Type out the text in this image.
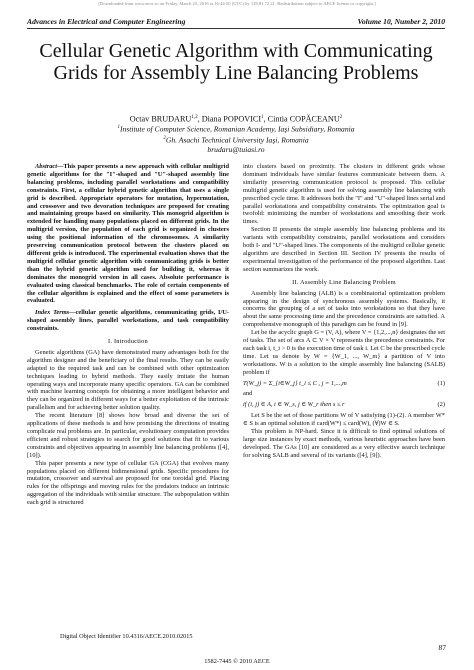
[Downloaded from www.aece.ro on Friday, March 25, 2016 at 16:44:50 (UTC) by 139.81.72.21. Redistribution subject to AECE license or copyright.]
Advances in Electrical and Computer Engineering	Volume 10, Number 2, 2010
Cellular Genetic Algorithm with Communicating Grids for Assembly Line Balancing Problems
Octav BRUDARU$^{1,2}$, Diana POPOVICI$^1$, Cintia COPĂCEANU$^2$
$^1$Institute of Computer Science, Romanian Academy, Iaşi Subsidiary, Romania
$^2$Gh. Asachi Technical University Iaşi, Romania
brudaru@tuiasi.ro

Abstract—This paper presents a new approach with cellular multigrid genetic algorithms for the "I"-shaped and "U"-shaped assembly line balancing problems, including parallel workstations and compatibility constraints. First, a cellular hybrid genetic algorithm that uses a single grid is described. Appropriate operators for mutation, hypermutation, and crossover and two devoration techniques are proposed for creating and maintaining groups based on similarity. This monogrid algorithm is extended for handling many populations placed on different grids. In the multigrid version, the population of each grid is organized in clusters using the positional information of the chromosomes. A similarity preserving communication protocol between the clusters placed on different grids is introduced. The experimental evaluation shows that the multigrid cellular genetic algorithm with communicating grids is better than the hybrid genetic algorithm used for building it, whereas it dominates the monogrid version in all cases. Absolute performance is evaluated using classical benchmarks. The role of certain components of the cellular algorithm is explained and the effect of some parameters is evaluated.

Index Terms—cellular genetic algorithms, communicating grids, I/U-shaped assembly lines, parallel workstations, and task compatibility constraints.

I. Introduction

Genetic algorithms (GA) have demonstrated many advantages both for the algorithm designer and the beneficiary of the final results. They can be easily adapted to the required task and can be combined with other optimization techniques leading to hybrid methods. They easily imitate the human operating ways and incorporate many specific operators. GA can be combined with machine learning concepts for obtaining a more intelligent behavior and they can be organized in different ways for a better exploitation of the intrinsic parallelism and for achieving better solution quality.

The recent literature [8] shows how broad and diverse the set of applications of these methods is and how promising the directions of treating complicate real problems are. In particular, evolutionary computation provides efficient and robust strategies to search for good solutions that fit to various constraints and objectives appearing in assembly line balancing problems ([4], [10]).

This paper presents a new type of cellular GA (CGA) that evolves many populations placed on different bidimensional grids. Specific procedures for mutation, crossover and survival are proposed for one toroidal grid. Placing rules for the offsprings and moving rules for the predators induce an intrinsic aggregation of the individuals with similar structure. The subpopulation within each grid is structured

into clusters based on proximity. The clusters in different grids whose dominant individuals have similar features communicate between them. A similarity preserving communication protocol is proposed. This cellular multigrid genetic algorithm is used for solving assembly line balancing with prescribed cycle time. It addresses both the "I" and "U"-shaped lines serial and parallel workstations and compatibility constraints. The optimization goal is twofold: minimizing the number of workstations and smoothing their work times.

Section II presents the simple assembly line balancing problems and its variants with compatibility constraints, parallel workstations and considers both I- and "U"-shaped lines. The components of the multigrid cellular genetic algorithm are described in Section III. Section IV presents the results of experimental investigation of the performance of the proposed algorithm. Last section summarizes the work.

II. Assembly Line Balancing Problem

Assembly line balancing (ALB) is a combinatorial optimization problem appearing in the design of synchronous assembly systems. Basically, it concerns the grouping of a set of tasks into workstations so that they have about the same processing time and the precedence constraints are satisfied. A comprehensive monograph of this paradigm can be found in [9].

Let be the acyclic graph G = (V, A), where V = {1,2,...,n} designates the set of tasks. The set of arcs A ⊂ V × V represents the precedence constraints. For each task i, t_i > 0 is the execution time of task i. Let C be the prescribed cycle time. Let us denote by W = {W_1, ..., W_m} a partition of V into workstations. W is a solution to the simple assembly line balancing (SALB) problem if

T(W_j) = Σ_{i∈W_j} t_i ≤ C , j = 1,...,m	(1)

and

if (i, j) ∈ A, i ∈ W_s, j ∈ W_r then s ≤ r	(2)

Let S be the set of those partitions W of V satisfying (1)-(2). A member W* ∈ S is an optimal solution if card(W*) ≤ card(W), (∀)W ∈ S.

This problem is NP-hard. Since it is difficult to find optimal solutions of large size instances by exact methods, various heuristic approaches have been developed. The GAs [10] are considered as a very effective search technique for solving SALB and several of its variants ([4], [9]).

Digital Object Identifier 10.4316/AECE.2010.02015
87
1582-7445 © 2010 AECE
